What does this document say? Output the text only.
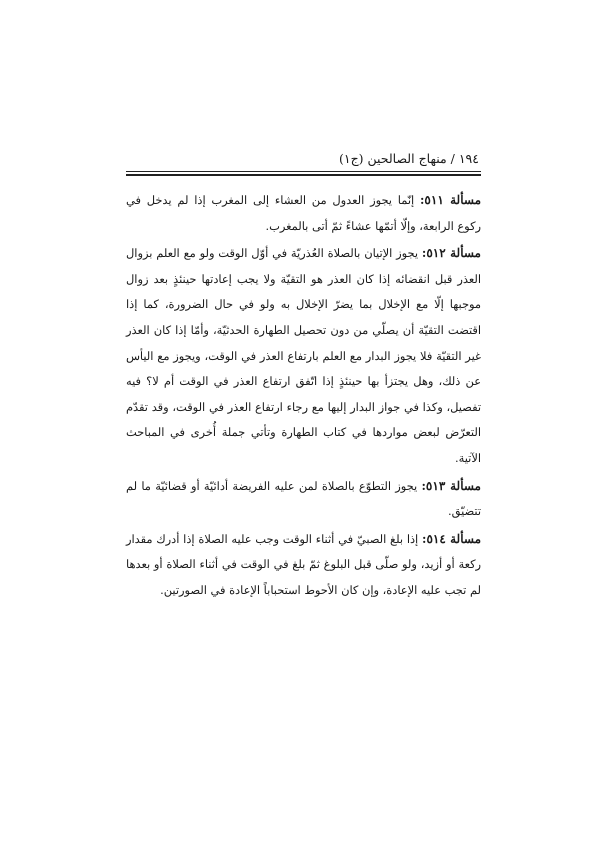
١٩٤ / منهاج الصالحين (ج١)

مسألة ٥١١: إنّما يجوز العدول من العشاء إلى المغرب إذا لم يدخل في ركوع الرابعة، وإلّا أتمّها عشاءً ثمّ أتى بالمغرب.

مسألة ٥١٢: يجوز الإتيان بالصلاة العُذريّة في أوّل الوقت ولو مع العلم بزوال العذر قبل انقضائه إذا كان العذر هو التقيّة ولا يجب إعادتها حينئذٍ بعد زوال موجبها إلّا مع الإخلال بما يضرّ الإخلال به ولو في حال الضرورة، كما إذا اقتضت التقيّة أن يصلّي من دون تحصيل الطهارة الحدثيّة، وأمّا إذا كان العذر غير التقيّة فلا يجوز البدار مع العلم بارتفاع العذر في الوقت، ويجوز مع اليأس عن ذلك، وهل يجتزأ بها حينئذٍ إذا اتّفق ارتفاع العذر في الوقت أم لا؟ فيه تفصيل، وكذا في جواز البدار إليها مع رجاء ارتفاع العذر في الوقت، وقد تقدّم التعرّض لبعض مواردها في كتاب الطهارة وتأتي جملة أُخرى في المباحث الآتية.

مسألة ٥١٣: يجوز التطوّع بالصلاة لمن عليه الفريضة أدائيّة أو قضائيّة ما لم تتضيّق.

مسألة ٥١٤: إذا بلغ الصبيّ في أثناء الوقت وجب عليه الصلاة إذا أدرك مقدار ركعة أو أزيد، ولو صلّى قبل البلوغ ثمّ بلغ في الوقت في أثناء الصلاة أو بعدها لم تجب عليه الإعادة، وإن كان الأحوط استحباباً الإعادة في الصورتين.
